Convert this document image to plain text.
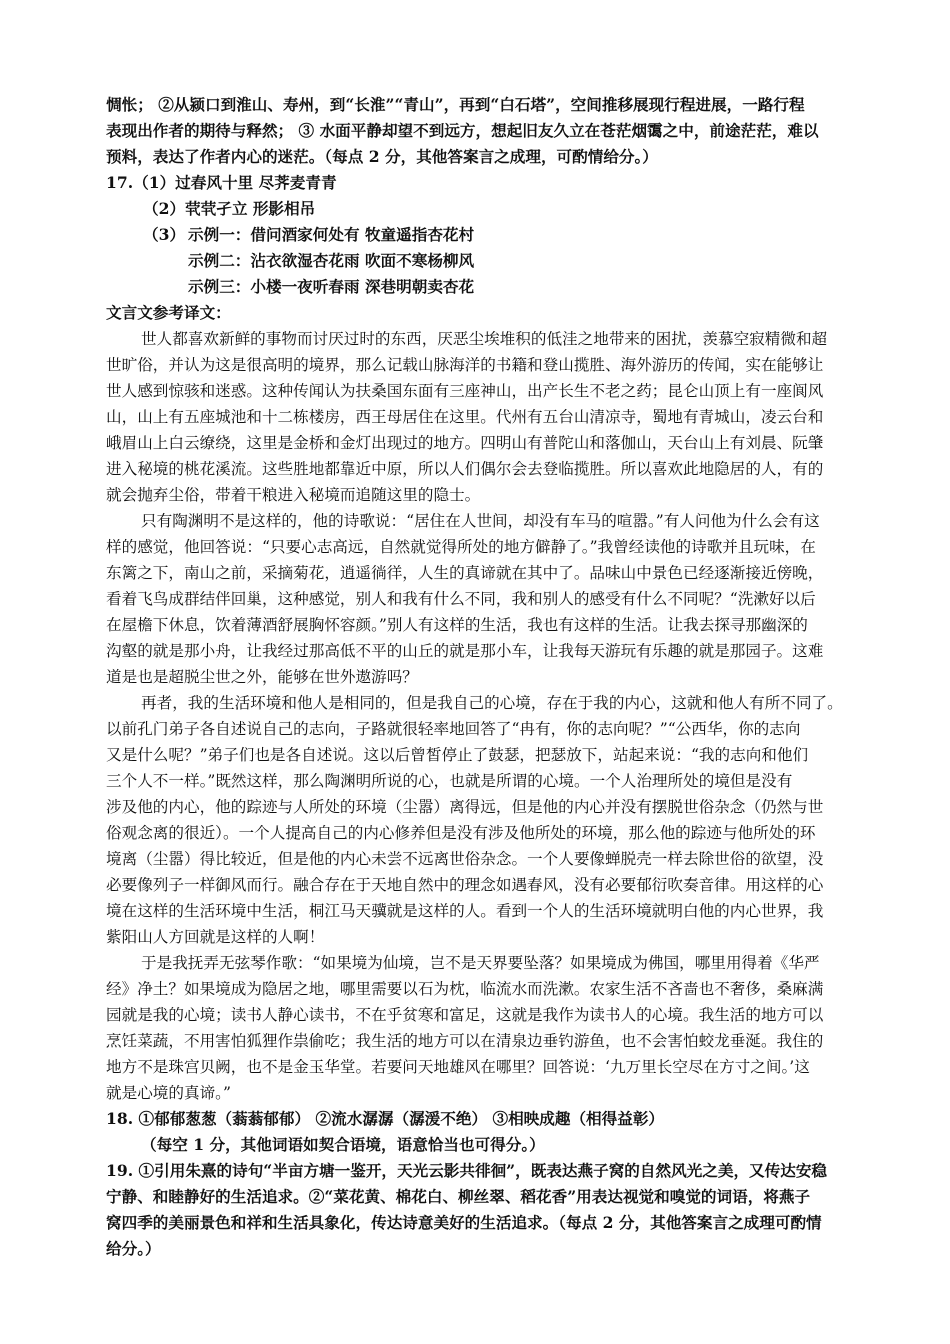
惆怅； ②从颍口到淮山、寿州，到“长淮”“青山”，再到“白石塔”，空间推移展现行程进展，一路行程
表现出作者的期待与释然； ③ 水面平静却望不到远方，想起旧友久立在苍茫烟霭之中，前途茫茫，难以
预料，表达了作者内心的迷茫。（每点 2 分，其他答案言之成理，可酌情给分。）
17.（1）过春风十里 尽荠麦青青
（2）茕茕孑立 形影相吊
（3） 示例一：借问酒家何处有 牧童遥指杏花村
示例二：沾衣欲湿杏花雨 吹面不寒杨柳风
示例三：小楼一夜听春雨 深巷明朝卖杏花
文言文参考译文：
世人都喜欢新鲜的事物而讨厌过时的东西，厌恶尘埃堆积的低洼之地带来的困扰，羡慕空寂精微和超
世旷俗，并认为这是很高明的境界，那么记载山脉海洋的书籍和登山揽胜、海外游历的传闻，实在能够让
世人感到惊骇和迷惑。这种传闻认为扶桑国东面有三座神山，出产长生不老之药；昆仑山顶上有一座阆风
山，山上有五座城池和十二栋楼房，西王母居住在这里。代州有五台山清凉寺，蜀地有青城山，凌云台和
峨眉山上白云缭绕，这里是金桥和金灯出现过的地方。四明山有普陀山和落伽山，天台山上有刘晨、阮肇
进入秘境的桃花溪流。这些胜地都靠近中原，所以人们偶尔会去登临揽胜。所以喜欢此地隐居的人，有的
就会抛弃尘俗，带着干粮进入秘境而追随这里的隐士。
只有陶渊明不是这样的，他的诗歌说：“居住在人世间，却没有车马的喧嚣。”有人问他为什么会有这
样的感觉，他回答说：“只要心志高远，自然就觉得所处的地方僻静了。”我曾经读他的诗歌并且玩味，在
东篱之下，南山之前，采摘菊花，逍遥徜徉，人生的真谛就在其中了。品味山中景色已经逐渐接近傍晚，
看着飞鸟成群结伴回巢，这种感觉，别人和我有什么不同，我和别人的感受有什么不同呢？“洗漱好以后
在屋檐下休息，饮着薄酒舒展胸怀容颜。”别人有这样的生活，我也有这样的生活。让我去探寻那幽深的
沟壑的就是那小舟，让我经过那高低不平的山丘的就是那小车，让我每天游玩有乐趣的就是那园子。这难
道是也是超脱尘世之外，能够在世外遨游吗？
再者，我的生活环境和他人是相同的，但是我自己的心境，存在于我的内心，这就和他人有所不同了。
以前孔门弟子各自述说自己的志向，子路就很轻率地回答了“冉有，你的志向呢？”“公西华，你的志向
又是什么呢？”弟子们也是各自述说。这以后曾皙停止了鼓瑟，把瑟放下，站起来说：“我的志向和他们
三个人不一样。”既然这样，那么陶渊明所说的心，也就是所谓的心境。一个人治理所处的境但是没有
涉及他的内心，他的踪迹与人所处的环境（尘嚣）离得远，但是他的内心并没有摆脱世俗杂念（仍然与世
俗观念离的很近）。一个人提高自己的内心修养但是没有涉及他所处的环境，那么他的踪迹与他所处的环
境离（尘嚣）得比较近，但是他的内心未尝不远离世俗杂念。一个人要像蝉脱壳一样去除世俗的欲望，没
必要像列子一样御风而行。融合存在于天地自然中的理念如遇春风，没有必要郁衍吹奏音律。用这样的心
境在这样的生活环境中生活，桐江马天骥就是这样的人。看到一个人的生活环境就明白他的内心世界，我
紫阳山人方回就是这样的人啊！
于是我抚弄无弦琴作歌：“如果境为仙境，岂不是天界要坠落？如果境成为佛国，哪里用得着《华严
经》净土？如果境成为隐居之地，哪里需要以石为枕，临流水而洗漱。农家生活不吝啬也不奢侈，桑麻满
园就是我的心境；读书人静心读书，不在乎贫寒和富足，这就是我作为读书人的心境。我生活的地方可以
烹饪菜蔬，不用害怕狐狸作祟偷吃；我生活的地方可以在清泉边垂钓游鱼，也不会害怕蛟龙垂涎。我住的
地方不是珠宫贝阙，也不是金玉华堂。若要问天地雄风在哪里？回答说：‘九万里长空尽在方寸之间。’这
就是心境的真谛。”
18. ①郁郁葱葱（蓊蓊郁郁） ②流水潺潺（潺湲不绝） ③相映成趣（相得益彰）
（每空 1 分，其他词语如契合语境，语意恰当也可得分。）
19. ①引用朱熹的诗句“半亩方塘一鉴开，天光云影共徘徊”，既表达燕子窝的自然风光之美，又传达安稳
宁静、和睦静好的生活追求。②“菜花黄、棉花白、柳丝翠、稻花香”用表达视觉和嗅觉的词语，将燕子
窝四季的美丽景色和祥和生活具象化，传达诗意美好的生活追求。（每点 2 分，其他答案言之成理可酌情
给分。）
